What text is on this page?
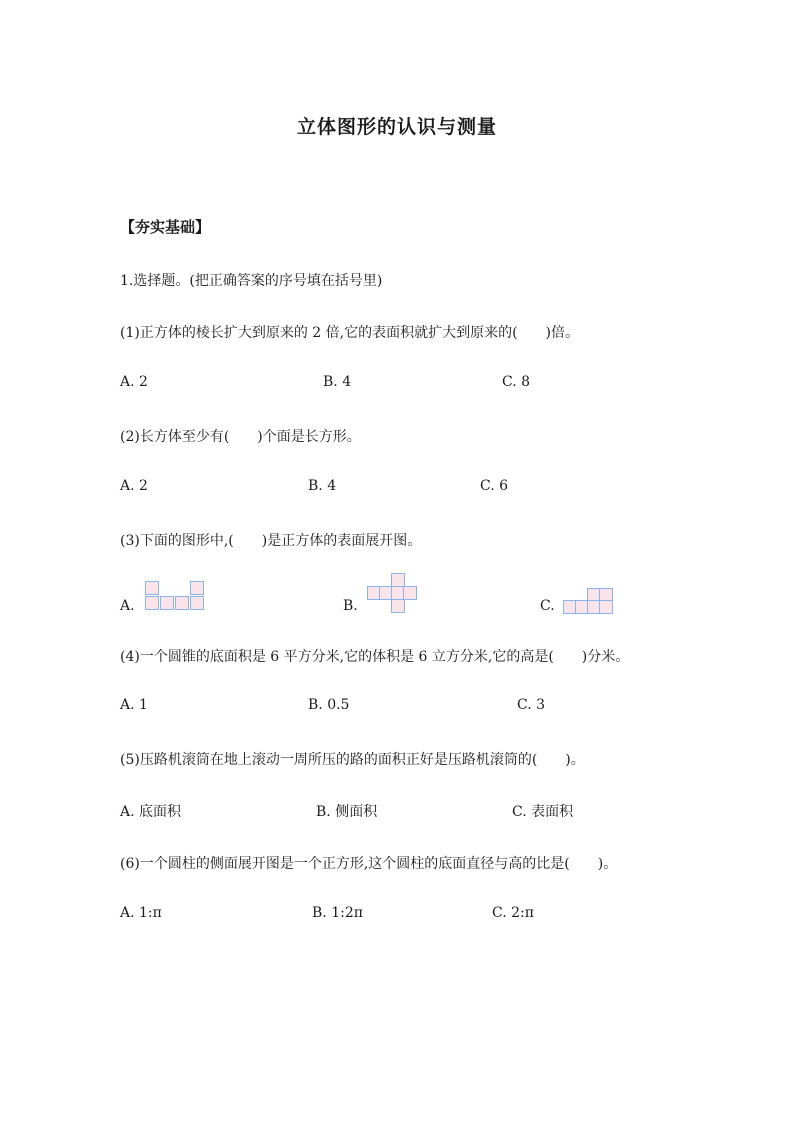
立体图形的认识与测量
【夯实基础】
1.选择题。(把正确答案的序号填在括号里)
(1)正方体的棱长扩大到原来的 2 倍,它的表面积就扩大到原来的(　　)倍。
A. 2	B. 4	C. 8
(2)长方体至少有(　　)个面是长方形。
A. 2	B. 4	C. 6
(3)下面的图形中,(　　)是正方体的表面展开图。
A.	B.	C.
(4)一个圆锥的底面积是 6 平方分米,它的体积是 6 立方分米,它的高是(　　)分米。
A. 1	B. 0.5	C. 3
(5)压路机滚筒在地上滚动一周所压的路的面积正好是压路机滚筒的(　　)。
A. 底面积	B. 侧面积	C. 表面积
(6)一个圆柱的侧面展开图是一个正方形,这个圆柱的底面直径与高的比是(　　)。
A. 1:π	B. 1:2π	C. 2:π
